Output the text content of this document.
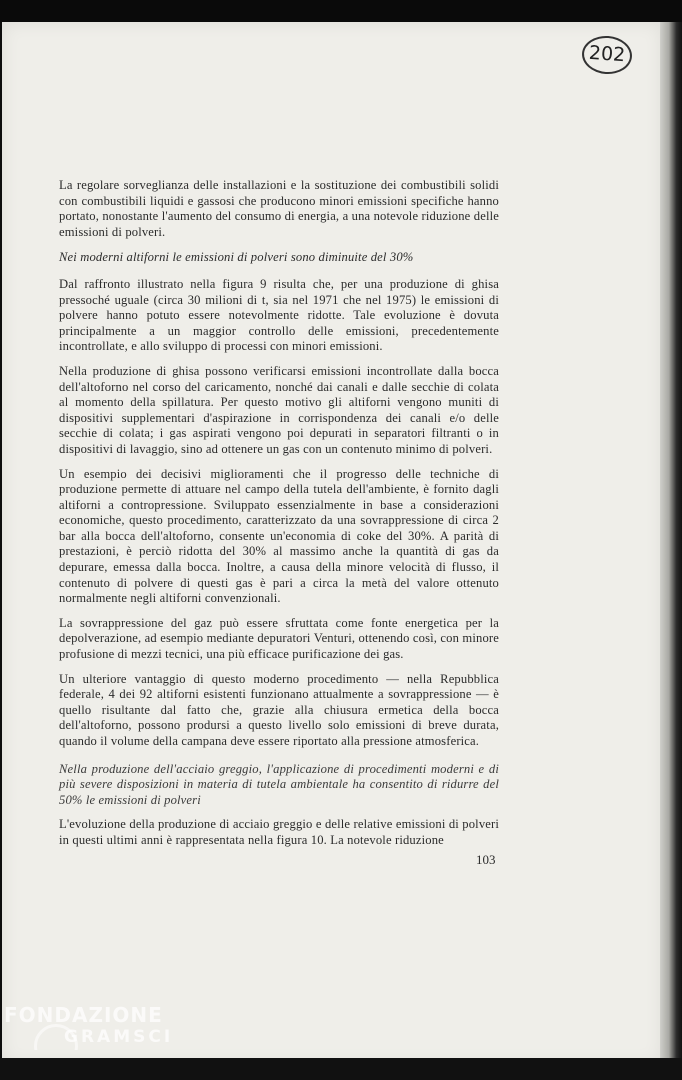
202

La regolare sorveglianza delle installazioni e la sostituzione dei combustibili solidi con combustibili liquidi e gassosi che producono minori emissioni specifiche hanno portato, nonostante l'aumento del consumo di energia, a una notevole riduzione delle emissioni di polveri.

Nei moderni altiforni le emissioni di polveri sono diminuite del 30%

Dal raffronto illustrato nella figura 9 risulta che, per una produzione di ghisa pressoché uguale (circa 30 milioni di t, sia nel 1971 che nel 1975) le emissioni di polvere hanno potuto essere notevolmente ridotte. Tale evoluzione è dovuta principalmente a un maggior controllo delle emissioni, precedentemente incontrollate, e allo sviluppo di processi con minori emissioni.

Nella produzione di ghisa possono verificarsi emissioni incontrollate dalla bocca dell'altoforno nel corso del caricamento, nonché dai canali e dalle secchie di colata al momento della spillatura. Per questo motivo gli altiforni vengono muniti di dispositivi supplementari d'aspirazione in corrispondenza dei canali e/o delle secchie di colata; i gas aspirati vengono poi depurati in separatori filtranti o in dispositivi di lavaggio, sino ad ottenere un gas con un contenuto minimo di polveri.

Un esempio dei decisivi miglioramenti che il progresso delle techniche di produzione permette di attuare nel campo della tutela dell'ambiente, è fornito dagli altiforni a contropressione. Sviluppato essenzialmente in base a considerazioni economiche, questo procedimento, caratterizzato da una sovrappressione di circa 2 bar alla bocca dell'altoforno, consente un'economia di coke del 30%. A parità di prestazioni, è perciò ridotta del 30% al massimo anche la quantità di gas da depurare, emessa dalla bocca. Inoltre, a causa della minore velocità di flusso, il contenuto di polvere di questi gas è pari a circa la metà del valore ottenuto normalmente negli altiforni convenzionali.

La sovrappressione del gaz può essere sfruttata come fonte energetica per la depolverazione, ad esempio mediante depuratori Venturi, ottenendo così, con minore profusione di mezzi tecnici, una più efficace purificazione dei gas.

Un ulteriore vantaggio di questo moderno procedimento — nella Repubblica federale, 4 dei 92 altiforni esistenti funzionano attualmente a sovrappressione — è quello risultante dal fatto che, grazie alla chiusura ermetica della bocca dell'altoforno, possono prodursi a questo livello solo emissioni di breve durata, quando il volume della campana deve essere riportato alla pressione atmosferica.

Nella produzione dell'acciaio greggio, l'applicazione di procedimenti moderni e di più severe disposizioni in materia di tutela ambientale ha consentito di ridurre del 50% le emissioni di polveri

L'evoluzione della produzione di acciaio greggio e delle relative emissioni di polveri in questi ultimi anni è rappresentata nella figura 10. La notevole riduzione

103
FONDAZIONE
GRAMSCI
